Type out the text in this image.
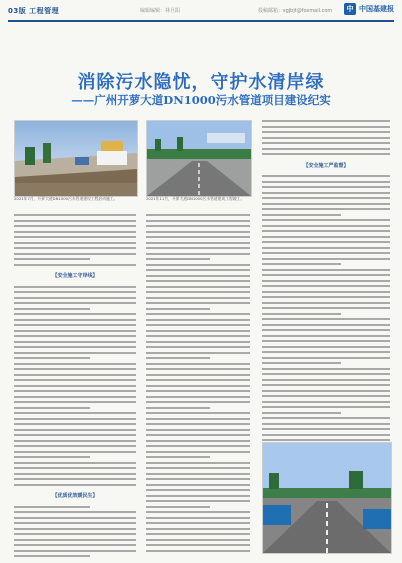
03版 工程管理	编辑编辑：林旦阳	投稿邮箱：sgjbjt@foxmail.com	中 中国基建报
消除污水隐忧，守护水清岸绿
——广州开萝大道DN1000污水管道项目建设纪实
2021年7月，开萝大道DN1000污水管道建设工程启动施工。	2021年11月，开萝大道DN1000污水管道建成工程竣工。
【安全施工守岸线】
【优质优效暖民生】
【安全施工严监督】
